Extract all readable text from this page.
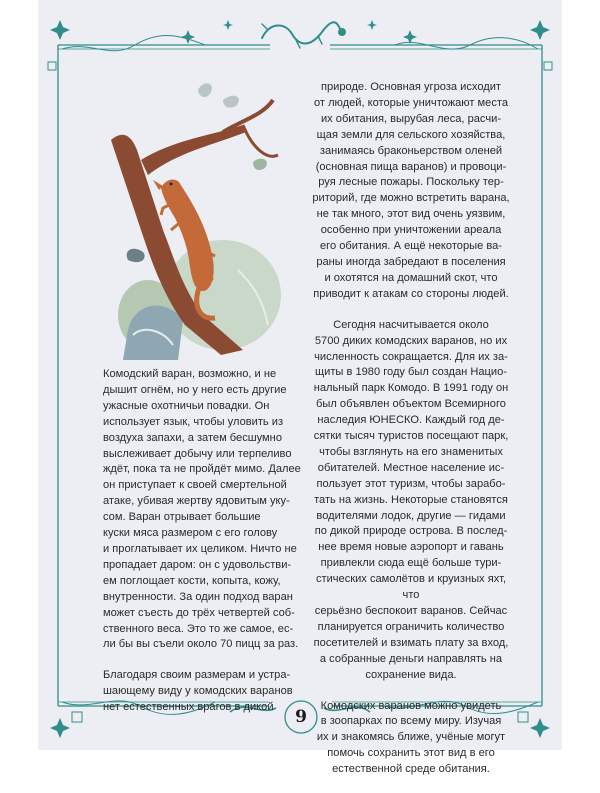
Комодский варан, возможно, и не
дышит огнём, но у него есть другие
ужасные охотничьи повадки. Он
использует язык, чтобы уловить из
воздуха запахи, а затем бесшумно
выслеживает добычу или терпеливо
ждёт, пока та не пройдёт мимо. Далее
он приступает к своей смертельной
атаке, убивая жертву ядовитым уку-
сом. Варан отрывает большие
куски мяса размером с его голову
и проглатывает их целиком. Ничто не
пропадает даром: он с удовольстви-
ем поглощает кости, копыта, кожу,
внутренности. За один подход варан
может съесть до трёх четвертей соб-
ственного веса. Это то же самое, ес-
ли бы вы съели около 70 пицц за раз.

Благодаря своим размерам и устра-
шающему виду у комодских варанов
нет естественных врагов в дикой

природе. Основная угроза исходит
от людей, которые уничтожают места
их обитания, вырубая леса, расчи-
щая земли для сельского хозяйства,
занимаясь браконьерством оленей
(основная пища варанов) и провоци-
руя лесные пожары. Поскольку тер-
риторий, где можно встретить варана,
не так много, этот вид очень уязвим,
особенно при уничтожении ареала
его обитания. А ещё некоторые ва-
раны иногда забредают в поселения
и охотятся на домашний скот, что
приводит к атакам со стороны людей.

Сегодня насчитывается около
5700 диких комодских варанов, но их
численность сокращается. Для их за-
щиты в 1980 году был создан Нацио-
нальный парк Комодо. В 1991 году он
был объявлен объектом Всемирного
наследия ЮНЕСКО. Каждый год де-
сятки тысяч туристов посещают парк,
чтобы взглянуть на его знаменитых
обитателей. Местное население ис-
пользует этот туризм, чтобы зарабо-
тать на жизнь. Некоторые становятся
водителями лодок, другие — гидами
по дикой природе острова. В послед-
нее время новые аэропорт и гавань
привлекли сюда ещё больше тури-
стических самолётов и круизных яхт, что
серьёзно беспокоит варанов. Сейчас
планируется ограничить количество
посетителей и взимать плату за вход,
а собранные деньги направлять на
сохранение вида.

Комодских варанов можно увидеть
в зоопарках по всему миру. Изучая
их и знакомясь ближе, учёные могут
помочь сохранить этот вид в его
естественной среде обитания.

9
